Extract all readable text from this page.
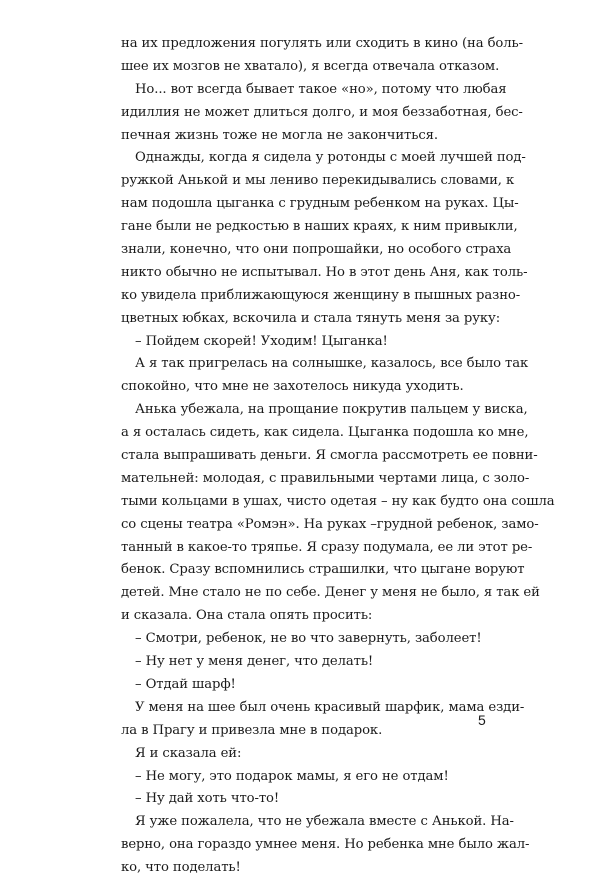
на их предложения погулять или сходить в кино (на боль-
шее их мозгов не хватало), я всегда отвечала отказом.
Но... вот всегда бывает такое «но», потому что любая
идиллия не может длиться долго, и моя беззаботная, бес-
печная жизнь тоже не могла не закончиться.
Однажды, когда я сидела у ротонды с моей лучшей под-
ружкой Анькой и мы лениво перекидывались словами, к
нам подошла цыганка с грудным ребенком на руках. Цы-
гане были не редкостью в наших краях, к ним привыкли,
знали, конечно, что они попрошайки, но особого страха
никто обычно не испытывал. Но в этот день Аня, как толь-
ко увидела приближающуюся женщину в пышных разно-
цветных юбках, вскочила и стала тянуть меня за руку:
– Пойдем скорей! Уходим! Цыганка!
А я так пригрелась на солнышке, казалось, все было так
спокойно, что мне не захотелось никуда уходить.
Анька убежала, на прощание покрутив пальцем у виска,
а я осталась сидеть, как сидела. Цыганка подошла ко мне,
стала выпрашивать деньги. Я смогла рассмотреть ее повни-
мательней: молодая, с правильными чертами лица, с золо-
тыми кольцами в ушах, чисто одетая – ну как будто она сошла
со сцены театра «Ромэн». На руках –грудной ребенок, замо-
танный в какое-то тряпье. Я сразу подумала, ее ли этот ре-
бенок. Сразу вспомнились страшилки, что цыгане воруют
детей. Мне стало не по себе. Денег у меня не было, я так ей
и сказала. Она стала опять просить:
– Смотри, ребенок, не во что завернуть, заболеет!
– Ну нет у меня денег, что делать!
– Отдай шарф!
У меня на шее был очень красивый шарфик, мама езди-
ла в Прагу и привезла мне в подарок.
Я и сказала ей:
– Не могу, это подарок мамы, я его не отдам!
– Ну дай хоть что-то!
Я уже пожалела, что не убежала вместе с Анькой. На-
верно, она гораздо умнее меня. Но ребенка мне было жал-
ко, что поделать!
5
